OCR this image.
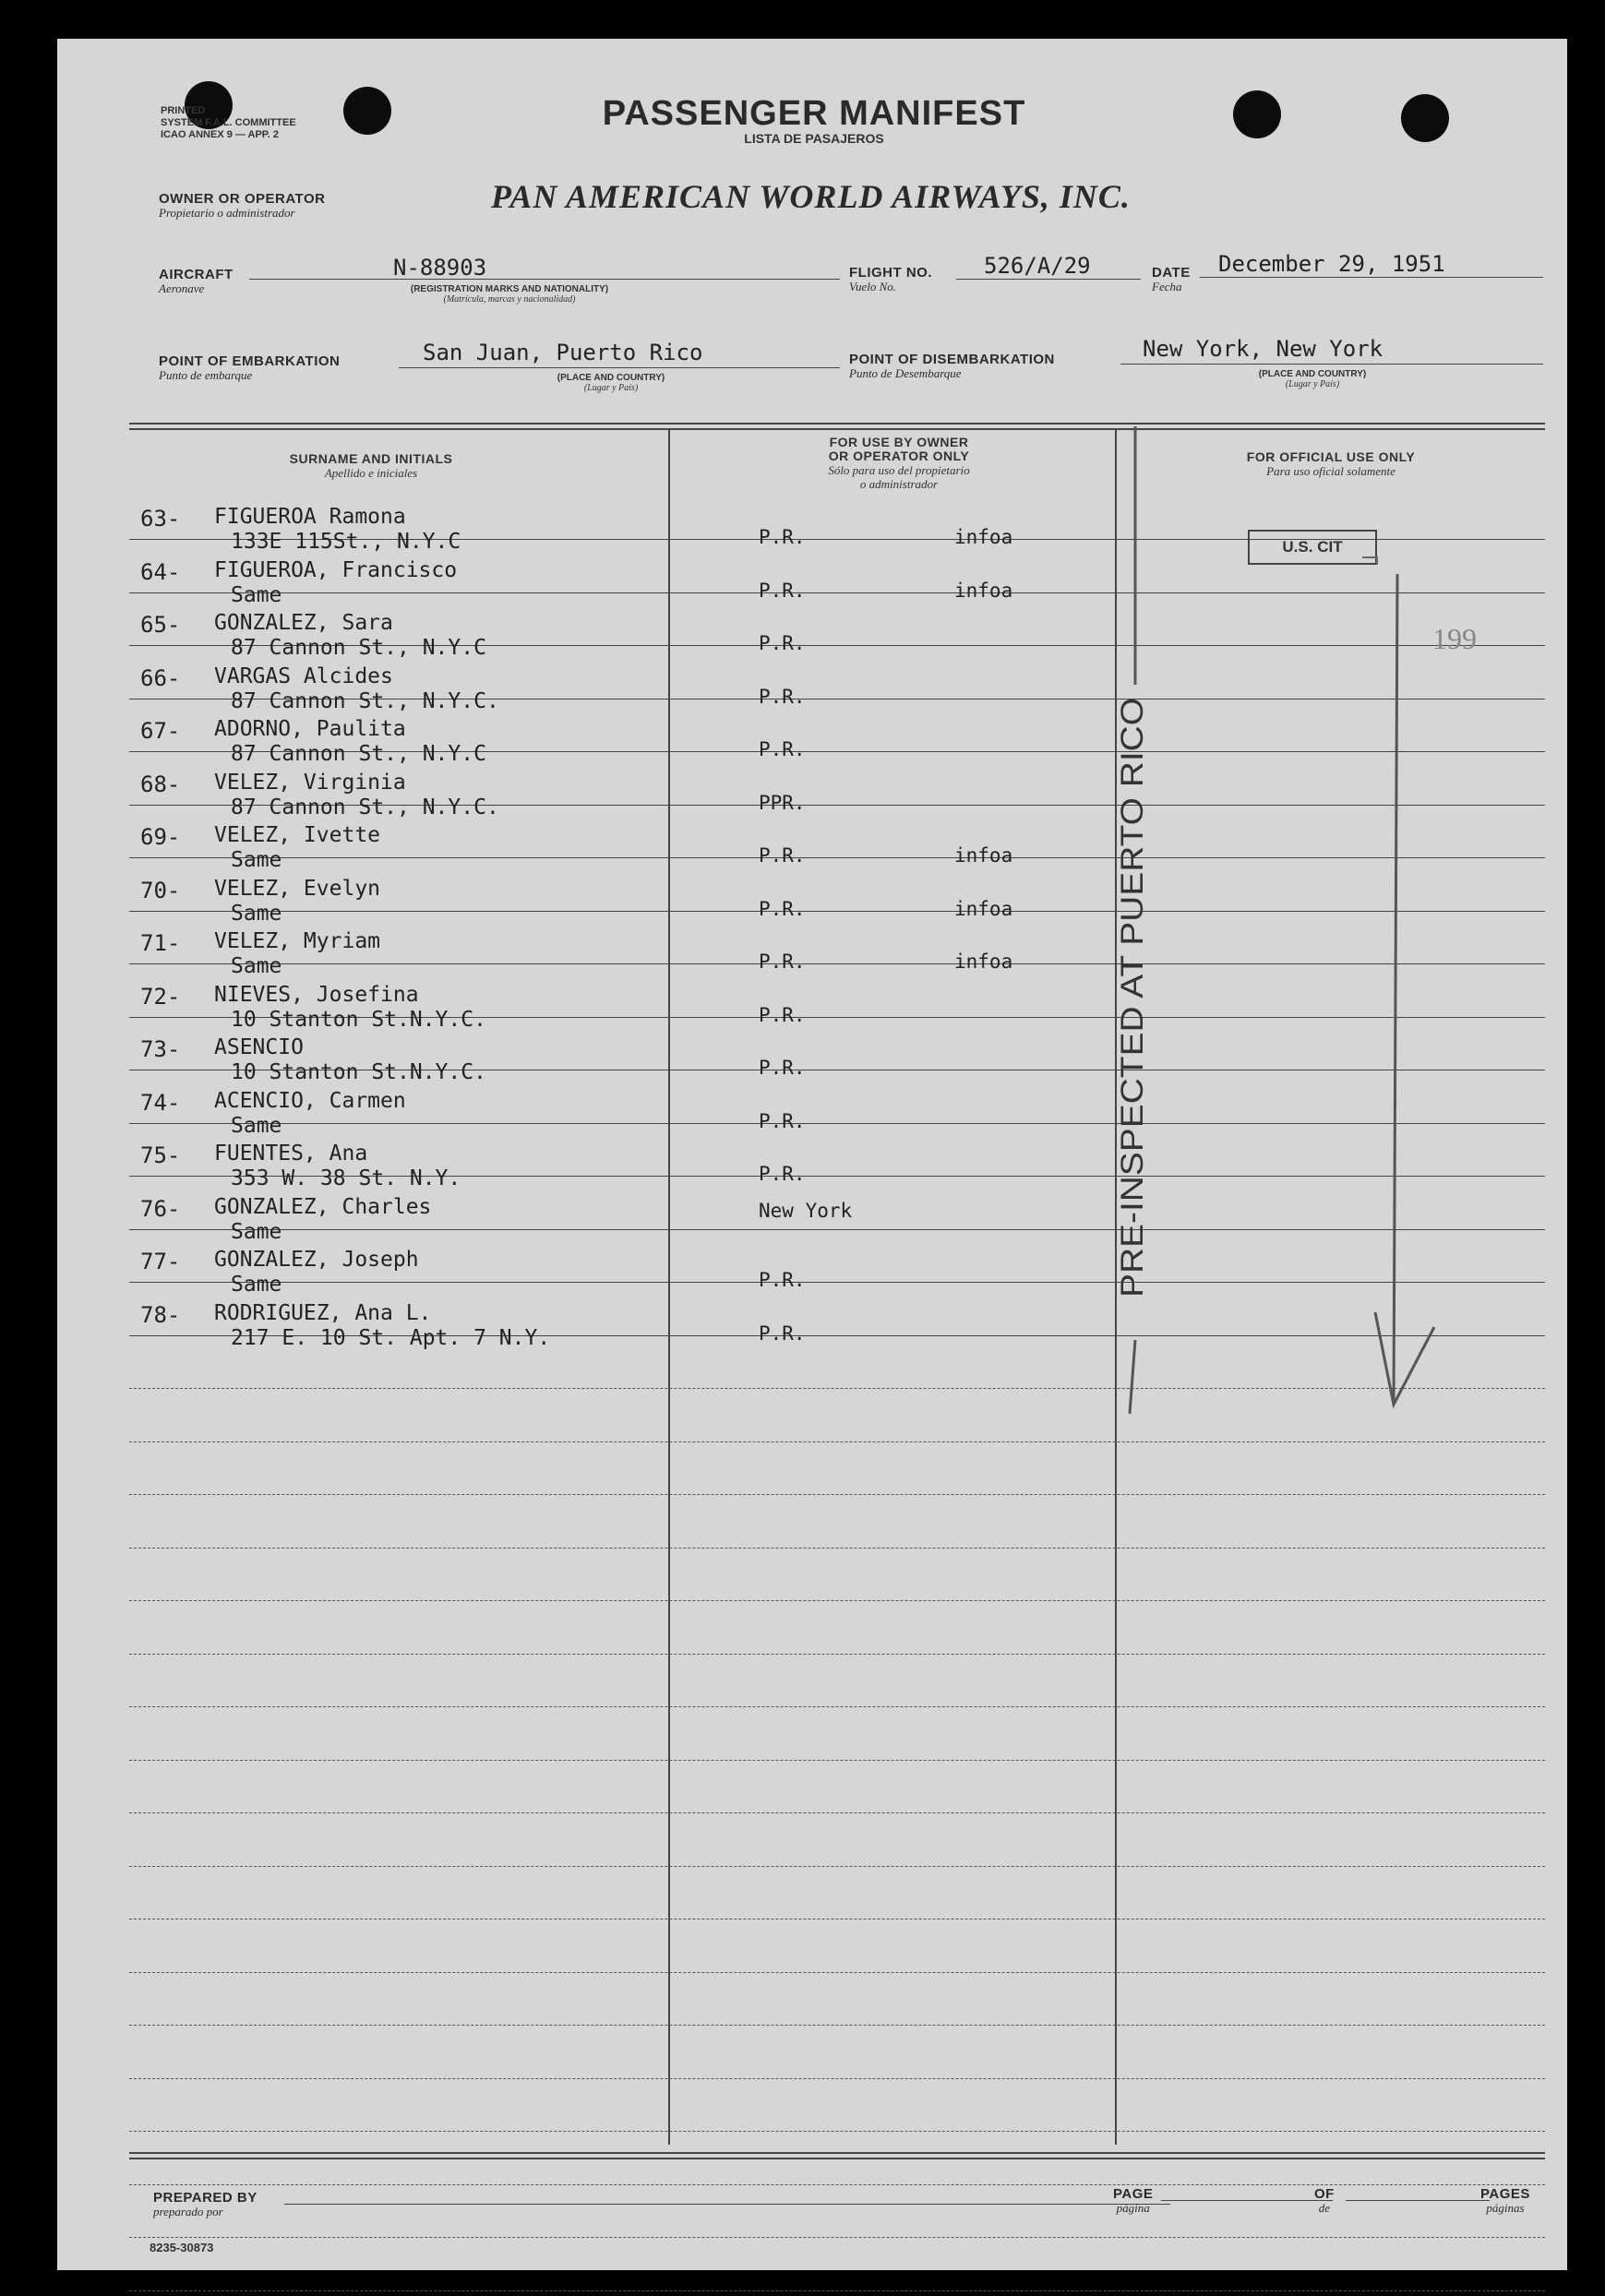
PRINTED
SYSTEM F.A.L. COMMITTEE
ICAO ANNEX 9 — APP. 2
PASSENGER MANIFEST
LISTA DE PASAJEROS
OWNER OR OPERATOR
Propietario o administrador	PAN AMERICAN WORLD AIRWAYS, INC.
AIRCRAFT
Aeronave
N-88903
(REGISTRATION MARKS AND NATIONALITY)
(Matrícula, marcas y nacionalidad)
FLIGHT NO.
Vuelo No.
526/A/29	DATE
Fecha
December 29, 1951
POINT OF EMBARKATION
Punto de embarque
San Juan, Puerto Rico
(PLACE AND COUNTRY)
(Lugar y País)
POINT OF DISEMBARKATION
Punto de Desembarque
New York, New York
(PLACE AND COUNTRY)
(Lugar y País)
SURNAME AND INITIALS
Apellido e iniciales
FOR USE BY OWNER
OR OPERATOR ONLY
Sólo para uso del propietario
o administrador
FOR OFFICIAL USE ONLY
Para uso oficial solamente
63- FIGUEROA Ramona
133E 115St., N.Y.C	P.R.	infoa
64- FIGUEROA, Francisco
Same	P.R.	infoa
65- GONZALEZ, Sara
87 Cannon St., N.Y.C	P.R.
66- VARGAS Alcides
87 Cannon St., N.Y.C.	P.R.
67- ADORNO, Paulita
87 Cannon St., N.Y.C	P.R.
68- VELEZ, Virginia
87 Cannon St., N.Y.C.	PPR.
69- VELEZ, Ivette
Same	P.R.	infoa
70- VELEZ, Evelyn
Same	P.R.	infoa
71- VELEZ, Myriam
Same	P.R.	infoa
72- NIEVES, Josefina
10 Stanton St.N.Y.C.	P.R.
73- ASENCIO
10 Stanton St.N.Y.C.	P.R.
74- ACENCIO, Carmen
Same	P.R.
75- FUENTES, Ana
353 W. 38 St. N.Y.	P.R.
76- GONZALEZ, Charles
Same
New York
77- GONZALEZ, Joseph
Same	P.R.
78- RODRIGUEZ, Ana L.
217 E. 10 St. Apt. 7 N.Y.	P.R.
U.S. CIT
199
PRE-INSPECTED AT PUERTO RICO
PREPARED BY
preparado por
PAGE
página
OF
de
PAGES
páginas
8235-30873
